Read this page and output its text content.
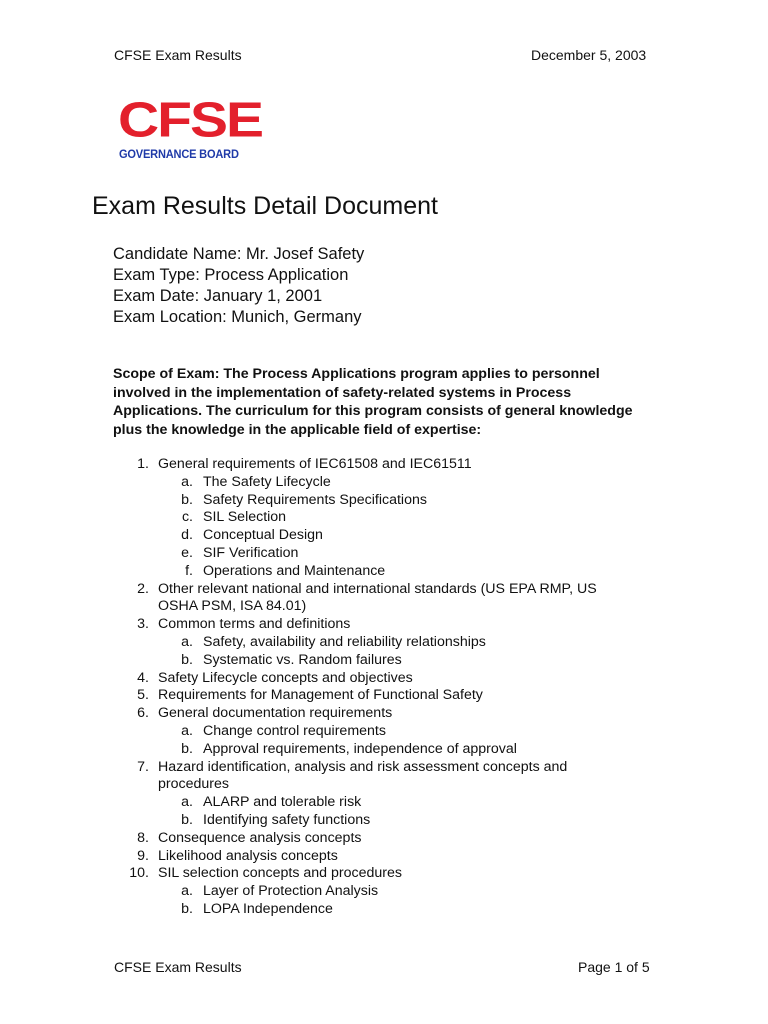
CFSE Exam Results	December 5, 2003
CFSE
GOVERNANCE BOARD
Exam Results Detail Document
Candidate Name: Mr. Josef Safety
Exam Type: Process Application
Exam Date: January 1, 2001
Exam Location: Munich, Germany
Scope of Exam: The Process Applications program applies to personnel involved in the implementation of safety-related systems in Process Applications. The curriculum for this program consists of general knowledge plus the knowledge in the applicable field of expertise:
1. General requirements of IEC61508 and IEC61511
a. The Safety Lifecycle
b. Safety Requirements Specifications
c. SIL Selection
d. Conceptual Design
e. SIF Verification
f. Operations and Maintenance
2. Other relevant national and international standards (US EPA RMP, US
OSHA PSM, ISA 84.01)
3. Common terms and definitions
a. Safety, availability and reliability relationships
b. Systematic vs. Random failures
4. Safety Lifecycle concepts and objectives
5. Requirements for Management of Functional Safety
6. General documentation requirements
a. Change control requirements
b. Approval requirements, independence of approval
7. Hazard identification, analysis and risk assessment concepts and
procedures
a. ALARP and tolerable risk
b. Identifying safety functions
8. Consequence analysis concepts
9. Likelihood analysis concepts
10. SIL selection concepts and procedures
a. Layer of Protection Analysis
b. LOPA Independence
CFSE Exam Results	Page 1 of 5
